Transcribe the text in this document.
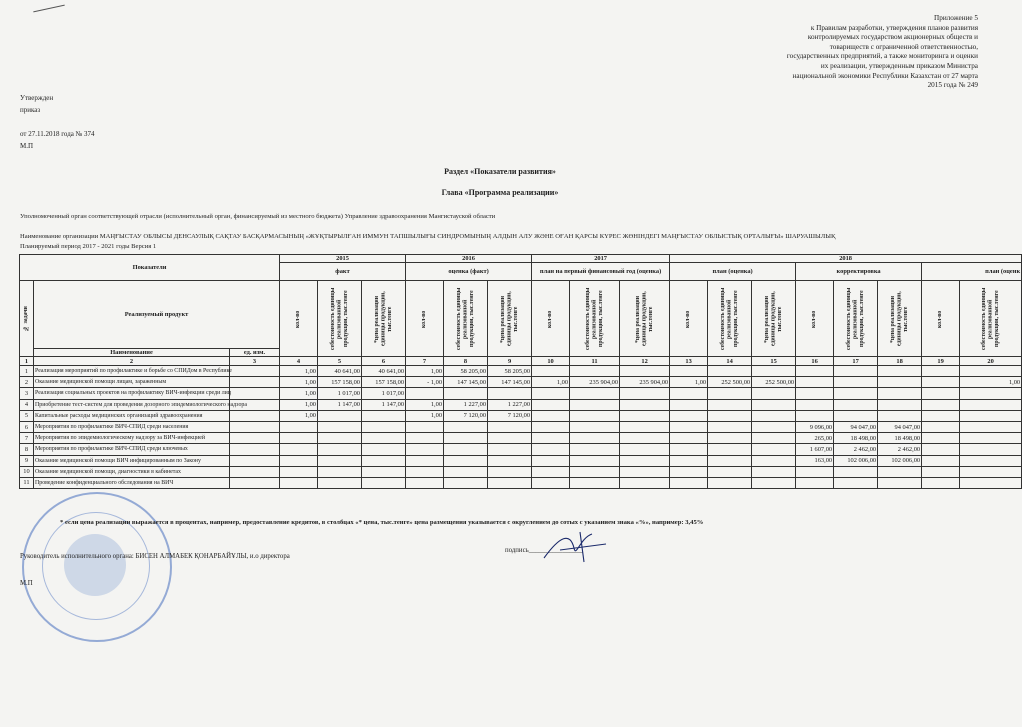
Приложение 5
к Правилам разработки, утверждения планов развития
контролируемых государством акционерных обществ и
товариществ с ограниченной ответственностью,
государственных предприятий, а также мониторинга и оценки
их реализации, утвержденным приказом Министра
национальной экономики Республики Казахстан от 27 марта
2015 года № 249
Утвержден
приказ
от 27.11.2018 года № 374
М.П
Раздел «Показатели развития»
Глава «Программа реализации»
Уполномоченный орган соответствующей отрасли (исполнительный орган, финансируемый из местного бюджета) Управление здравоохранения Мангистауской области
Наименование организации МАҢҒЫСТАУ ОБЛЫСЫ ДЕНСАУЛЫҚ САҚТАУ БАСҚАРМАСЫНЫҢ «ЖҰҚТЫРЫЛҒАН ИММУН ТАПШЫЛЫҒЫ СИНДРОМЫНЫҢ АЛДЫН АЛУ ЖӘНЕ ОҒАН ҚАРСЫ КҮРЕС ЖӨНІНДЕГІ МАҢҒЫСТАУ ОБЛЫСТЫҚ ОРТАЛЫҒЫ» ШАРУАШЫЛЫҚ
Планируемый период 2017 - 2021 годы Версия 1
Показатели			2015			2016			2017			2018								
			факт			оценка (факт)			план на первый финансовый год (оценка)			план (оценка)			корректировка			план (оценк		

№ задачи	Реализуемый продукт		кол-во	себестоимость единицы реализованной продукции, тыс.тенге	*цена реализации единицы продукции, тыс.тенге	кол-во	себестоимость единицы реализованной продукции, тыс.тенге	*цена реализации единицы продукции, тыс.тенге	кол-во	себестоимость единицы реализованной продукции, тыс.тенге	*цена реализации единицы продукции, тыс.тенге	кол-во	себестоимость единицы реализованной продукции, тыс.тенге	*цена реализации единицы продукции, тыс.тенге	кол-во	себестоимость единицы реализованной продукции, тыс.тенге	*цена реализации единицы продукции, тыс.тенге	кол-во	себестоимость единицы реализованной продукции, тыс.тенге	

	Наименование	ед. изм.																		
1	2	3	4	5	6	7	8	9	10	11	12	13	14	15	16	17	18	19	20	
1	Реализация мероприятий по профилактике и борьбе со СПИДом в Республике		1,00	40 641,00	40 641,00	1,00	58 205,00	58 205,00												
2	Оказание медицинской помощи лицам, зараженным		1,00	157 158,00	157 158,00	- 1,00	147 145,00	147 145,00	1,00	235 904,00	235 904,00	1,00	252 500,00	252 500,00					1,00	
3	Реализация социальных проектов на профилактику ВИЧ-инфекции среди лиц		1,00	1 017,00	1 017,00															
4	Приобретение тест-систем для проведения дозорного эпидемиологического надзора		1,00	1 147,00	1 147,00	1,00	1 227,00	1 227,00												
5	Капитальные расходы медицинских организаций здравоохранения		1,00			1,00	7 120,00	7 120,00												
6	Мероприятия по профилактике ВИЧ-СПИД среди населения														9 096,00	94 047,00	94 047,00			
7	Мероприятия по эпидемиологическому надзору за ВИЧ-инфекцией														265,00	18 498,00	18 498,00			
8	Мероприятия по профилактике ВИЧ-СПИД среди ключевых														1 607,00	2 462,00	2 462,00			
9	Оказание медицинской помощи ВИЧ инфицированным по Закону														163,00	102 006,00	102 006,00			
10	Оказание медицинской помощи, диагностики в кабинетах																			
11	Проведение конфиденциального обследования на ВИЧ																			
* если цена реализации выражается в процентах, например, предоставление кредитов, в столбцах «* цена, тыс.тенге» цена размещения указывается с округлением до сотых с указанием знака «%», например: 3,45%
Руководитель исполнительного органа: БИСЕН АЛМАБЕК ҚОНАРБАЙҰЛЫ, и.о директора
подпись________________
М.П
